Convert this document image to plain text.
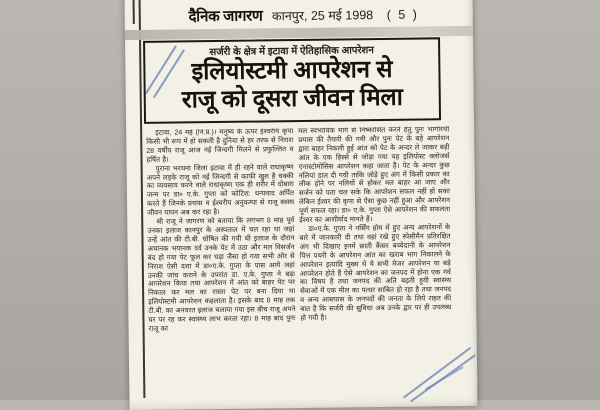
दैनिक जागरण कानपुर, 25 मई 1998 ( 5 )
सर्जरी के क्षेत्र में इटावा में ऐतिहासिक आपरेशन
इलियोस्टमी आपरेशन से
राजू को दूसरा जीवन मिला

इटावा, 24 मई (नि.प्र.)। मनुष्य के ऊपर ईश्वरीय कृपा किसी भी रूप में हो सकती है दुनिया से हर तरफ से निराश 28 वर्षीय राजू आज नई जिन्दगी मिलने से प्रफुल्लित व हर्षित है।

पुराना भरथना जिला इटावा में ही रहने वाले राधाकृष्ण अपने लड़के राजू को नई जिन्दगी से काफी खुश है चक्की का व्यवसाय करने वाले राधाकृष्ण एक ही शरीर में दोबारा जन्म पर डा० ए.के. गुप्ता को कोटिश: धन्यवाद अर्पित करते हैं जिनके प्रयास व ईश्वरीय अनुकम्पा से राजू स्वस्थ जीवन यापन अब कर रहा है।

श्री राजू ने जागरण को बताया कि लगभग 8 माह पूर्व उनका इलाज कानपुर के अस्पताल में चल रहा था जहां उन्हें आंत की टी.बी. घोषित की गयी थी इलाज के दौरान अचानक भयानक दर्द उनके पेट में उठा और मल विसर्जन बंद हो गया पेट फूल कर घड़ा जैसा हो गया सभी ओर से निराश ऐसी दशा में डा०ए.के. गुप्ता के पास आये जहां उनकी जांच कराने के उपरांत डा. ए.के. गुप्ता ने बड़ा आपरेशन किया तथा आपरेशन में आंत को बाहर पेट पर निकाल कर मल का रास्ता पेट पर बना दिया था इलियोस्टमी आपरेशन कहलाता है। इसके बाद 8 माह तक टी.बी. का अनवरत इलाज चलाया गया इस बीच राजू अपने घर पर रह कर स्वास्थ्य लाभ करता रहा। 8 माह बाद पुनः राजू का

मल स्वभाविक मार्ग से निष्कासित करने हेतु पुनः भागीरथी प्रयास की तैयारी की गयी और पुनः पेट के बड़े आपरेशन द्वारा बाहर निकली हुई आंत को पेट के अन्दर ले जाकर बड़ी आंत के एक हिस्से से जोड़ा गया यह इलियोस्ट क्लोजर्स एनास्टोमोसिस आपरेशन कहा जाता है। पेट के अन्दर कुछ नलियां डाल दी गयी ताकि जोड़े हुए अंग में किसी प्रकार का लीक होने पर नलियों से होकर मल बाहर आ जाए और सर्जन को पता चल सके कि आपरेशन सफल नहीं हो सका लेकिन ईश्वर की कृपा से ऐसा कुछ नहीं हुआ और आपरेशन पूर्ण सफल रहा। डा० ए.के. गुप्ता ऐसे आपरेशन की सफलता ईश्वर का आशीर्वाद मानते हैं।

डा०ए.के. गुप्ता ने नर्सिंग होम में हुए अन्य आपरेशनों के बारे में जानकारी दी तथा वहां रखे हुए स्पेसीमैन प्रतिरक्षित अंग भी दिखाए इनमें छाती कैंसर बच्चेदानी के आपरेशन पित्त पथरी के आपरेशन आंत का खराब भाग निकालने के आपरेशन इत्यादि मुख्य थे ये सभी मेजर आपरेशन या बड़े आपरेशन होते हैं ऐसे आपरेशन का जनपद में होना एक गर्व का विषय है तथा जनपद की अति बढ़ती हुयी स्वास्थ्य सेवाओं में एक मील का पत्थर साबित हो रहा है तथा जनपद व अन्य आसपास के जनपदों की जनता के लिये राहत की बात है कि सर्जरी की सुविधा अब उनके द्वार पर ही उपलब्ध हो गयी है।
